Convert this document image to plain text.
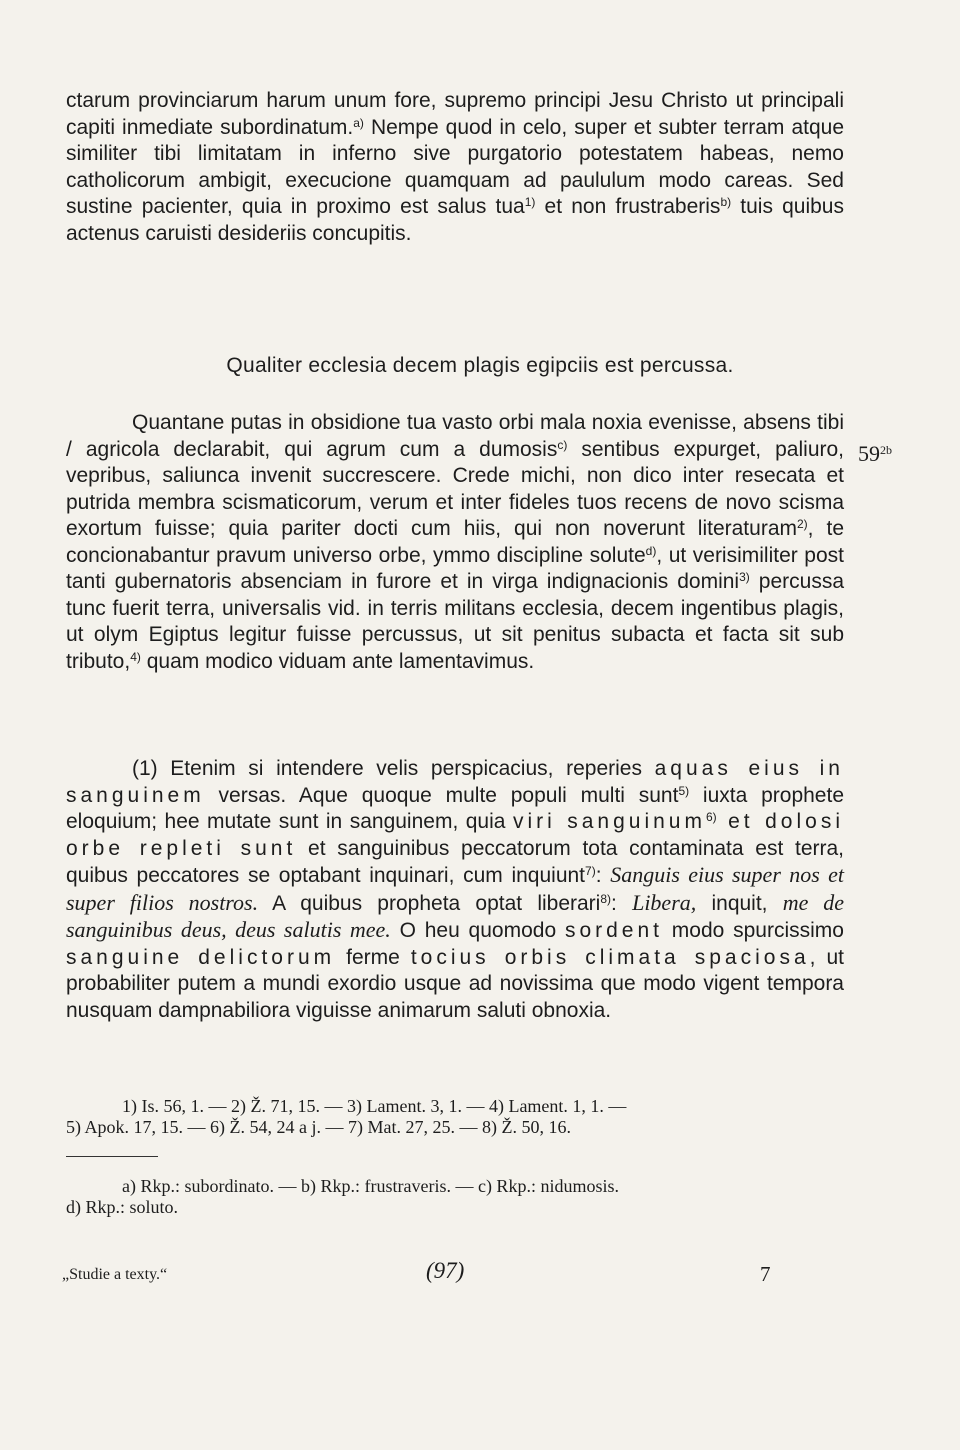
ctarum provinciarum harum unum fore, supremo principi Jesu Christo ut principali capiti inmediate subordinatum.$^{a)}$ Nempe quod in celo, super et subter terram atque similiter tibi limitatam in inferno sive purgatorio potestatem habeas, nemo catholicorum ambigit, execucione quamquam ad paululum modo careas. Sed sustine pacienter, quia in proximo est salus tua$^{1)}$ et non frustraberis$^{b)}$ tuis quibus actenus caruisti desideriis concupitis.

Qualiter ecclesia decem plagis egipciis est percussa.

Quantane putas in obsidione tua vasto orbi mala noxia evenisse, absens tibi / agricola declarabit, qui agrum cum a dumosis$^{c)}$ sentibus expurget, paliuro, vepribus, saliunca invenit succrescere. Crede michi, non dico inter resecata et putrida membra scismaticorum, verum et inter fideles tuos recens de novo scisma exortum fuisse; quia pariter docti cum hiis, qui non noverunt literaturam$^{2)}$, te concionabantur pravum universo orbe, ymmo discipline solute$^{d)}$, ut verisimiliter post tanti gubernatoris absenciam in furore et in virga indignacionis domini$^{3)}$ percussa tunc fuerit terra, universalis vid. in terris militans ecclesia, decem ingentibus plagis, ut olym Egiptus legitur fuisse percussus, ut sit penitus subacta et facta sit sub tributo,$^{4)}$ quam modico viduam ante lamentavimus.

$59^{2b}$

(1) Etenim si intendere velis perspicacius, reperies aquas eius in sanguinem versas. Aque quoque multe populi multi sunt$^{5)}$ iuxta prophete eloquium; hee mutate sunt in sanguinem, quia viri sanguinum$^{6)}$ et dolosi orbe repleti sunt et sanguinibus peccatorum tota contaminata est terra, quibus peccatores se optabant inquinari, cum inquiunt$^{7)}$: Sanguis eius super nos et super filios nostros. A quibus propheta optat liberari$^{8)}$: Libera, inquit, me de sanguinibus deus, deus salutis mee. O heu quomodo sordent modo spurcissimo sanguine delictorum ferme tocius orbis climata spaciosa, ut probabiliter putem a mundi exordio usque ad novissima que modo vigent tempora nusquam dampnabiliora viguisse animarum saluti obnoxia.

1) Is. 56, 1. — 2) Ž. 71, 15. — 3) Lament. 3, 1. — 4) Lament. 1, 1. —

5) Apok. 17, 15. — 6) Ž. 54, 24 a j. — 7) Mat. 27, 25. — 8) Ž. 50, 16.

a) Rkp.: subordinato. — b) Rkp.: frustraveris. — c) Rkp.: nidumosis.

d) Rkp.: soluto.

„Studie a texty.“	(97)	7
